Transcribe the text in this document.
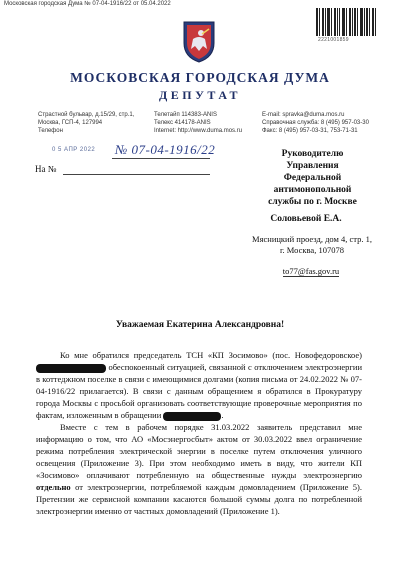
Московская городская Дума № 07-04-1916/22 от 05.04.2022
2221001859
МОСКОВСКАЯ ГОРОДСКАЯ ДУМА
ДЕПУТАТ
Страстной бульвар, д.15/29, стр.1,
Москва, ГСП-4, 127994
Телефон
Телетайп 114383-ANIS
Телекс 414178-ANIS
Internet: http://www.duma.mos.ru
E-mail: spravka@duma.mos.ru
Справочная служба: 8 (495) 957-03-30
Факс: 8 (495) 957-03-31, 753-71-31
0 5 АПР 2022 № 07-04-1916/22
На №
Руководителю
Управления
Федеральной
антимонопольной
службы по г. Москве
Соловьевой Е.А.
Мясницкий проезд, дом 4, стр. 1,
г. Москва, 107078
to77@fas.gov.ru
Уважаемая Екатерина Александровна!

Ко мне обратился председатель ТСН «КП Зосимово» (пос. Новофедоровское)  обеспокоенный ситуацией, связанной с отключением электроэнергии в коттеджном поселке в связи с имеющимися долгами (копия письма от 24.02.2022 № 07-04-1916/22 прилагается). В связи с данным обращением я обратился в Прокуратуру города Москвы с просьбой организовать соответствующие проверочные мероприятия по фактам, изложенным в обращении	.

Вместе с тем в рабочем порядке 31.03.2022 заявитель представил мне информацию о том, что АО «Мосэнергосбыт» актом от 30.03.2022 ввел ограничение режима потребления электрической энергии в поселке путем отключения уличного освещения (Приложение 3). При этом необходимо иметь в виду, что жители КП «Зосимово» оплачивают потребленную на общественные нужды электроэнергию отдельно от электроэнергии, потребляемой каждым домовладением (Приложение 5). Претензии же сервисной компании касаются большой суммы долга по потребленной электроэнергии именно от частных домовладений (Приложение 1).
